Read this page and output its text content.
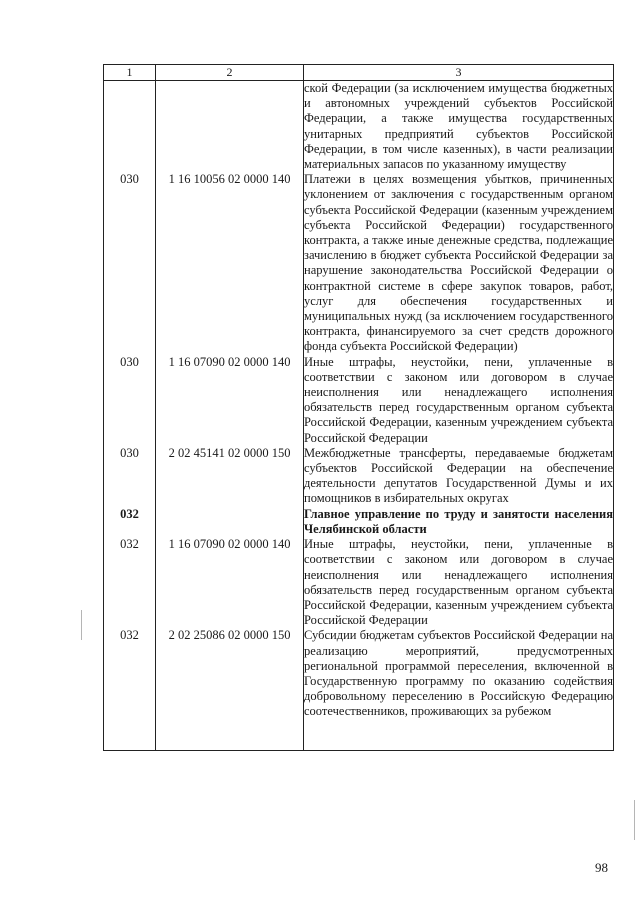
1	2	3
		ской Федерации (за исключением имущества бюджетных и автономных учреждений субъектов Российской Федерации, а также имущества государственных унитарных предприятий субъектов Российской Федерации, в том числе казенных), в части реализации материальных запасов по указанному имуществу
030	1 16 10056 02 0000 140	Платежи в целях возмещения убытков, причиненных уклонением от заключения с государственным органом субъекта Российской Федерации (казенным учреждением субъекта Российской Федерации) государственного контракта, а также иные денежные средства, подлежащие зачислению в бюджет субъекта Российской Федерации за нарушение законодательства Российской Федерации о контрактной системе в сфере закупок товаров, работ, услуг для обеспечения государственных и муниципальных нужд (за исключением государственного контракта, финансируемого за счет средств дорожного фонда субъекта Российской Федерации)
030	1 16 07090 02 0000 140	Иные штрафы, неустойки, пени, уплаченные в соответствии с законом или договором в случае неисполнения или ненадлежащего исполнения обязательств перед государственным органом субъекта Российской Федерации, казенным учреждением субъекта Российской Федерации
030	2 02 45141 02 0000 150	Межбюджетные трансферты, передаваемые бюджетам субъектов Российской Федерации на обеспечение деятельности депутатов Государственной Думы и их помощников в избирательных округах
032		Главное управление по труду и занятости населения Челябинской области
032	1 16 07090 02 0000 140	Иные штрафы, неустойки, пени, уплаченные в соответствии с законом или договором в случае неисполнения или ненадлежащего исполнения обязательств перед государственным органом субъекта Российской Федерации, казенным учреждением субъекта Российской Федерации
032	2 02 25086 02 0000 150	Субсидии бюджетам субъектов Российской Федерации на реализацию мероприятий, предусмотренных региональной программой переселения, включенной в Государственную программу по оказанию содействия добровольному переселению в Российскую Федерацию соотечественников, проживающих за рубежом

98
